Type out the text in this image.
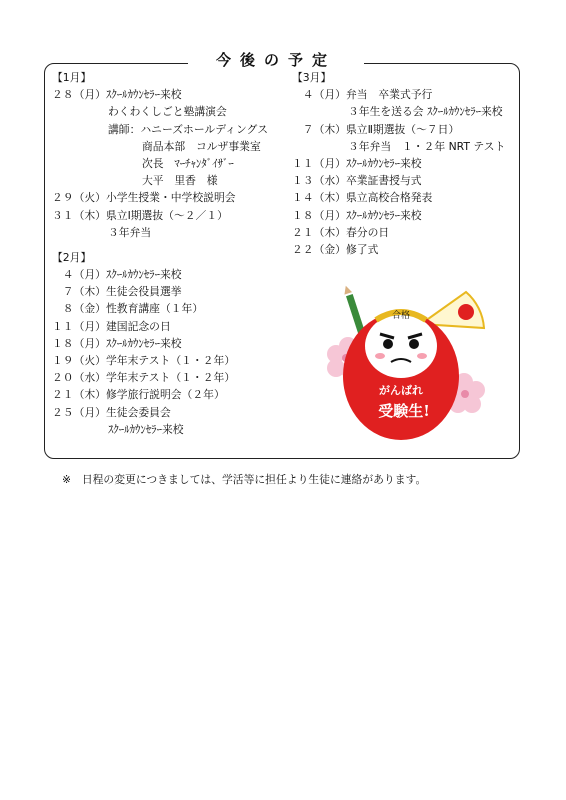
今後の予定
【1月】
２８（月） ｽｸｰﾙｶｳﾝｾﾗｰ来校
わくわくしごと塾講演会
講師：ハニーズホールディングス
商品本部　コルザ事業室
次長　ﾏｰﾁｬﾝﾀﾞｲｻﾞｰ
大平　里香　様
２９（火） 小学生授業・中学校説明会
３１（木） 県立Ⅰ期選抜（～２／１）
３年弁当
【2月】
　４（月） ｽｸｰﾙｶｳﾝｾﾗｰ来校
　７（木） 生徒会役員選挙
　８（金） 性教育講座（１年）
１１（月） 建国記念の日
１８（月） ｽｸｰﾙｶｳﾝｾﾗｰ来校
１９（火） 学年末テスト（１・２年）
２０（水） 学年末テスト（１・２年）
２１（木） 修学旅行説明会（２年）
２５（月） 生徒会委員会
ｽｸｰﾙｶｳﾝｾﾗｰ来校
【3月】
　４（月） 弁当　卒業式予行
３年生を送る会 ｽｸｰﾙｶｳﾝｾﾗｰ来校
　７（木） 県立Ⅱ期選抜（～７日）
３年弁当　１・２年 NRT テスト
１１（月） ｽｸｰﾙｶｳﾝｾﾗｰ来校
１３（水） 卒業証書授与式
１４（木） 県立高校合格発表
１８（月） ｽｸｰﾙｶｳﾝｾﾗｰ来校
２１（木） 春分の日
２２（金） 修了式
合格
がんばれ
受験生!
※　日程の変更につきましては、学活等に担任より生徒に連絡があります。
